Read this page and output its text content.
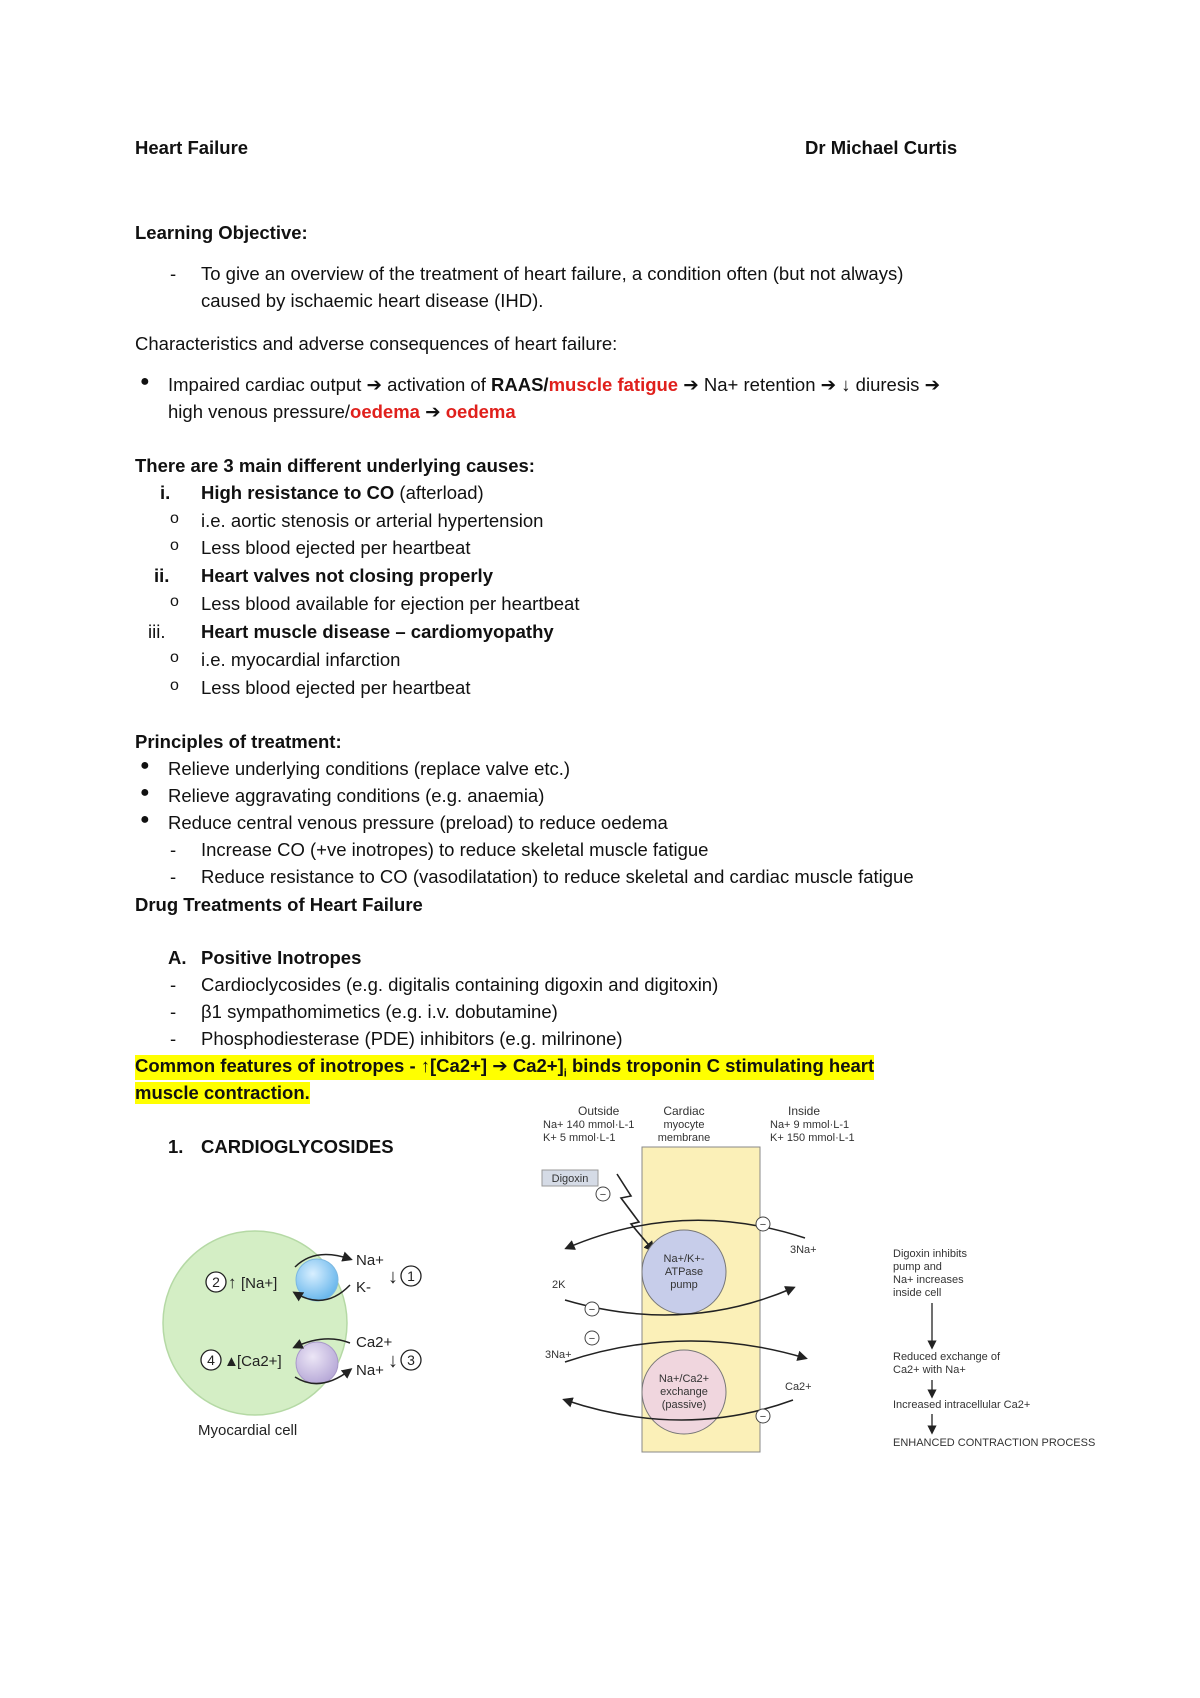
Heart Failure	Dr Michael Curtis
Learning Objective:
- To give an overview of the treatment of heart failure, a condition often (but not always)
caused by ischaemic heart disease (IHD).
Characteristics and adverse consequences of heart failure:
● Impaired cardiac output ➔ activation of RAAS/muscle fatigue ➔ Na+ retention ➔ ↓ diuresis ➔
high venous pressure/oedema ➔ oedema
There are 3 main different underlying causes:
i. High resistance to CO (afterload)
o i.e. aortic stenosis or arterial hypertension
o Less blood ejected per heartbeat
ii. Heart valves not closing properly
o Less blood available for ejection per heartbeat
iii. Heart muscle disease – cardiomyopathy
o i.e. myocardial infarction
o Less blood ejected per heartbeat
Principles of treatment:
● Relieve underlying conditions (replace valve etc.)
● Relieve aggravating conditions (e.g. anaemia)
● Reduce central venous pressure (preload) to reduce oedema
- Increase CO (+ve inotropes) to reduce skeletal muscle fatigue
- Reduce resistance to CO (vasodilatation) to reduce skeletal and cardiac muscle fatigue
Drug Treatments of Heart Failure
A. Positive Inotropes
- Cardioclycosides (e.g. digitalis containing digoxin and digitoxin)
- β1 sympathomimetics (e.g. i.v. dobutamine)
- Phosphodiesterase (PDE) inhibitors (e.g. milrinone)
Common features of inotropes - ↑[Ca2+] ➔ $Ca2+]_i$ binds troponin C stimulating heart
muscle contraction.
1. CARDIOGLYCOSIDES
2 ↑ [Na+]
4 ▲
[Ca2+]
Na+
K-
Ca2+
Na+
↓ 1
↓ 3
Myocardial cell
Outside
Na+ 140 mmol·L-1
K+ 5 mmol·L-1
Cardiac
myocyte
membrane
Inside
Na+ 9 mmol·L-1
K+ 150 mmol·L-1
Digoxin
−
Na+/K+-
ATPase
pump
−
3Na+
2K
−
Na+/Ca2+
exchange
(passive)
−
3Na+
Ca2+
−
Digoxin inhibits
pump and
Na+ increases
inside cell
Reduced exchange of
Ca2+ with Na+
Increased intracellular Ca2+
ENHANCED CONTRACTION PROCESS
